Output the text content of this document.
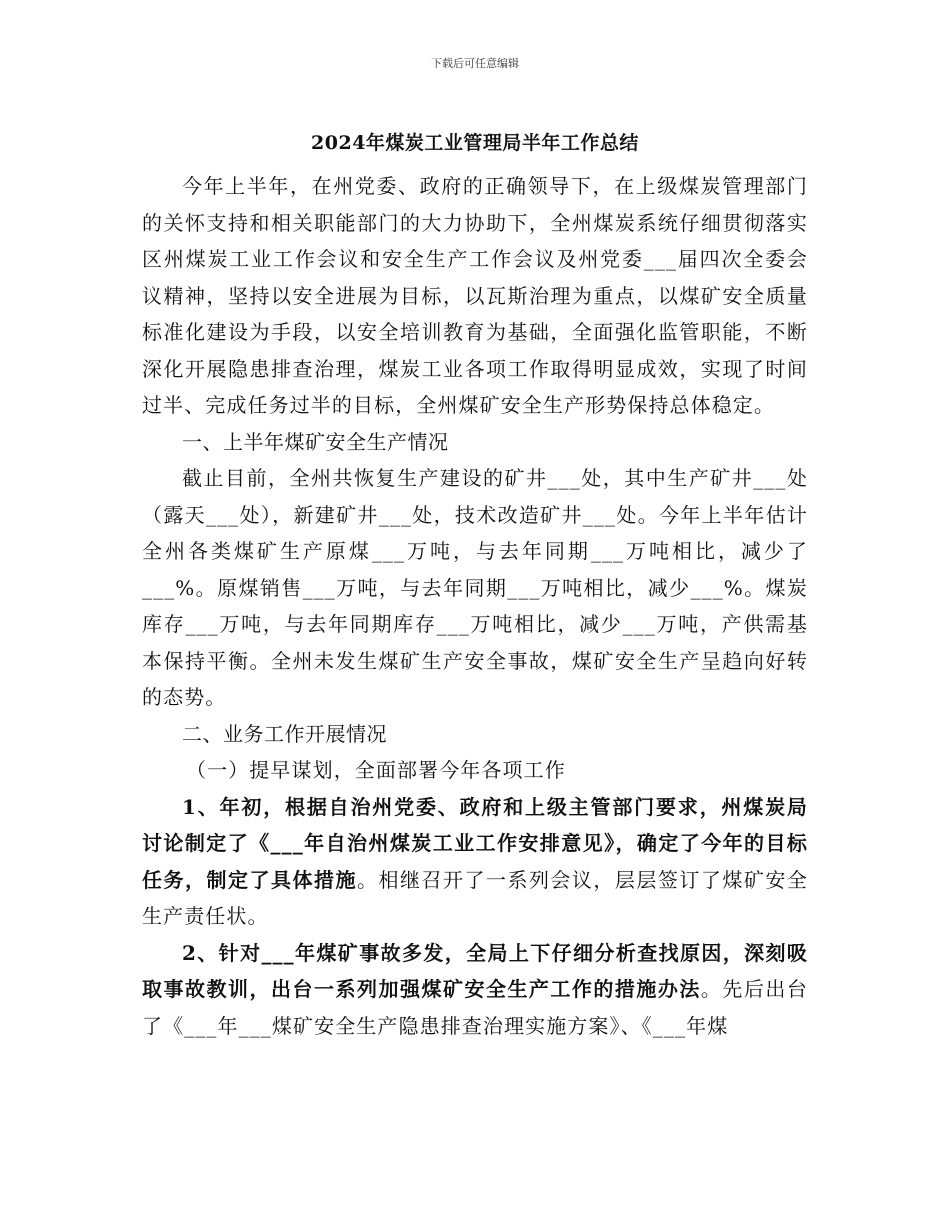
下载后可任意编辑
2024年煤炭工业管理局半年工作总结

今年上半年，在州党委、政府的正确领导下，在上级煤炭管理部门的关怀支持和相关职能部门的大力协助下，全州煤炭系统仔细贯彻落实区州煤炭工业工作会议和安全生产工作会议及州党委___届四次全委会议精神，坚持以安全进展为目标，以瓦斯治理为重点，以煤矿安全质量标准化建设为手段，以安全培训教育为基础，全面强化监管职能，不断深化开展隐患排查治理，煤炭工业各项工作取得明显成效，实现了时间过半、完成任务过半的目标，全州煤矿安全生产形势保持总体稳定。

一、上半年煤矿安全生产情况

截止目前，全州共恢复生产建设的矿井___处，其中生产矿井___处（露天___处），新建矿井___处，技术改造矿井___处。今年上半年估计全州各类煤矿生产原煤___万吨，与去年同期___万吨相比，减少了___%。原煤销售___万吨，与去年同期___万吨相比，减少___%。煤炭库存___万吨，与去年同期库存___万吨相比，减少___万吨，产供需基本保持平衡。全州未发生煤矿生产安全事故，煤矿安全生产呈趋向好转的态势。

二、业务工作开展情况

（一）提早谋划，全面部署今年各项工作

1、年初，根据自治州党委、政府和上级主管部门要求，州煤炭局讨论制定了《___年自治州煤炭工业工作安排意见》，确定了今年的目标任务，制定了具体措施。相继召开了一系列会议，层层签订了煤矿安全生产责任状。

2、针对___年煤矿事故多发，全局上下仔细分析查找原因，深刻吸取事故教训，出台一系列加强煤矿安全生产工作的措施办法。先后出台了《___年___煤矿安全生产隐患排查治理实施方案》、《___年煤
